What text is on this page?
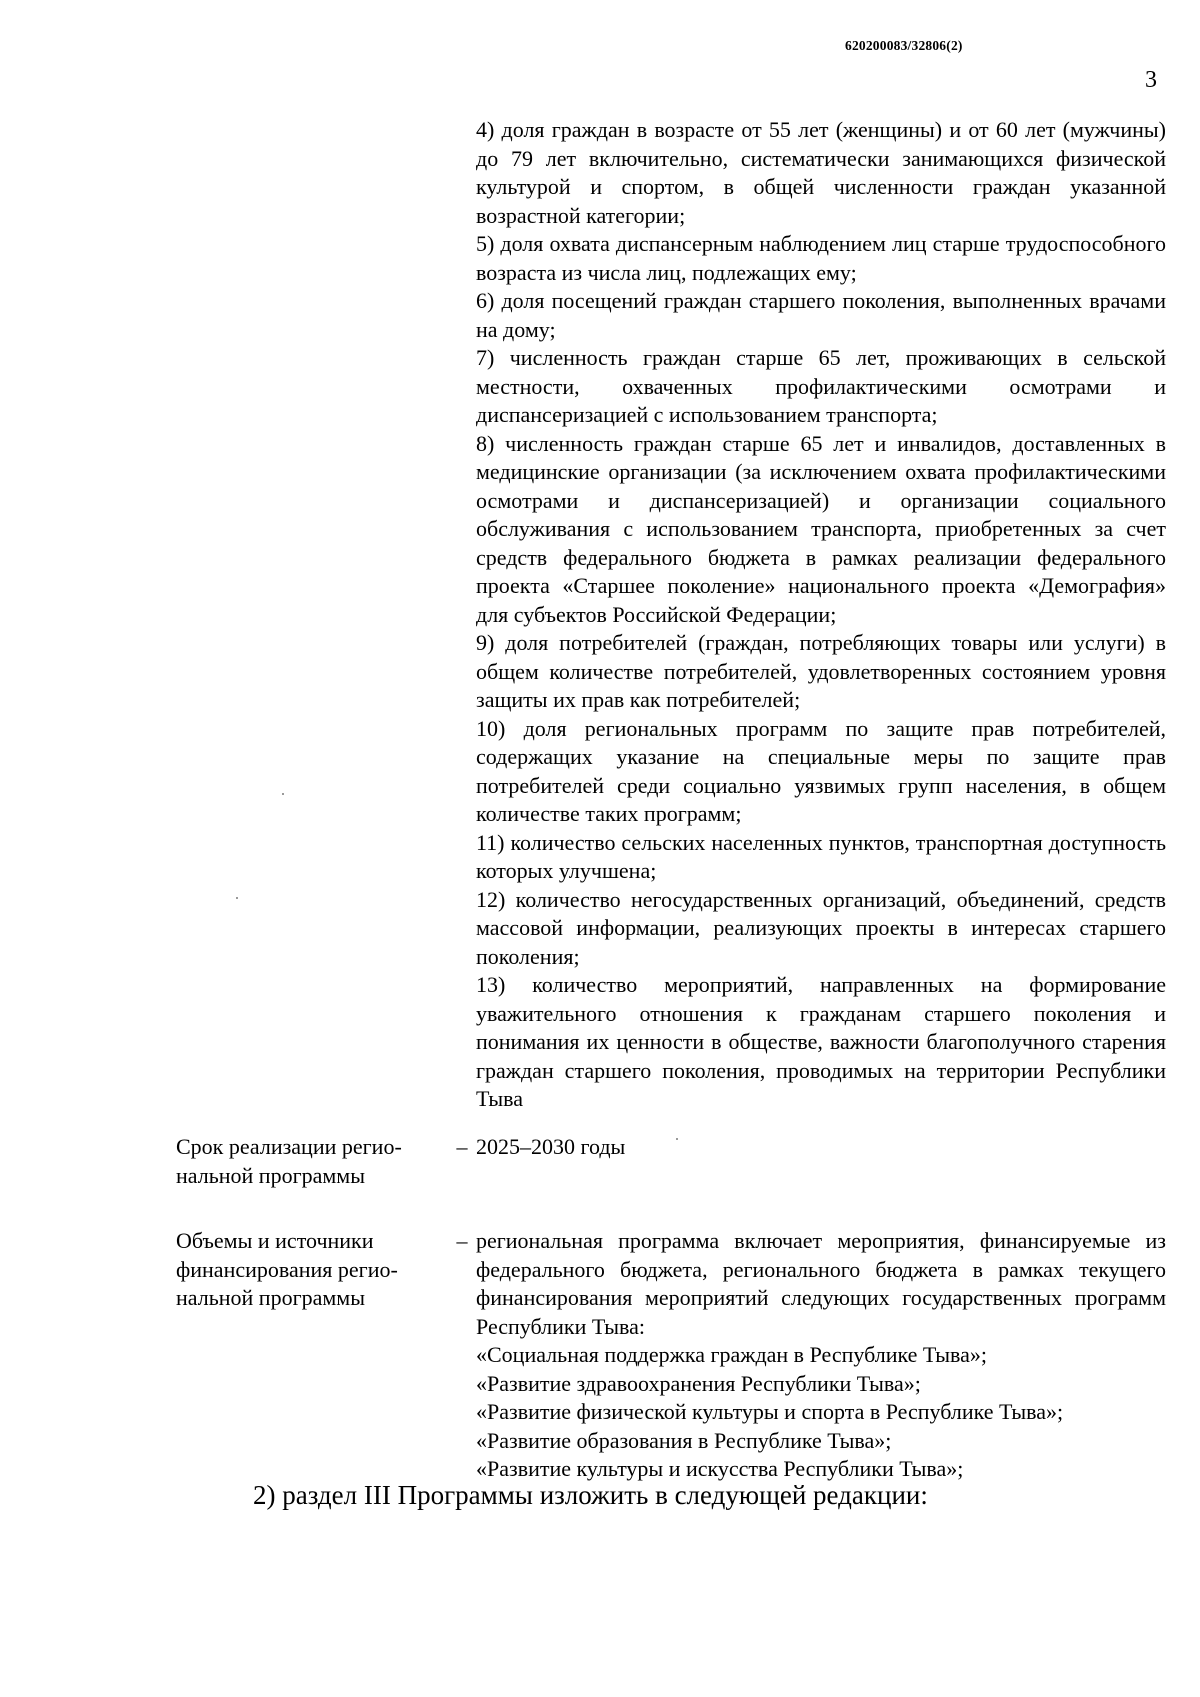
620200083/32806(2)
3

4) доля граждан в возрасте от 55 лет (женщины) и от 60 лет (мужчины) до 79 лет включительно, систематически занимающихся физической культурой и спортом, в общей численности граждан указанной возрастной категории;

5) доля охвата диспансерным наблюдением лиц старше трудоспособного возраста из числа лиц, подлежащих ему;

6) доля посещений граждан старшего поколения, выполненных врачами на дому;

7) численность граждан старше 65 лет, проживающих в сельской местности, охваченных профилактическими осмотрами и диспансеризацией с использованием транспорта;

8) численность граждан старше 65 лет и инвалидов, доставленных в медицинские организации (за исключением охвата профилактическими осмотрами и диспансеризацией) и организации социального обслуживания с использованием транспорта, приобретенных за счет средств федерального бюджета в рамках реализации федерального проекта «Старшее поколение» национального проекта «Демография» для субъектов Российской Федерации;

9) доля потребителей (граждан, потребляющих товары или услуги) в общем количестве потребителей, удовлетворенных состоянием уровня защиты их прав как потребителей;

10) доля региональных программ по защите прав потребителей, содержащих указание на специальные меры по защите прав потребителей среди социально уязвимых групп населения, в общем количестве таких программ;

11) количество сельских населенных пунктов, транспортная доступность которых улучшена;

12) количество негосударственных организаций, объединений, средств массовой информации, реализующих проекты в интересах старшего поколения;

13) количество мероприятий, направленных на формирование уважительного отношения к гражданам старшего поколения и понимания их ценности в обществе, важности благополучного старения граждан старшего поколения, проводимых на территории Республики Тыва

Срок реализации регио-
нальной программы
– 2025–2030 годы
Объемы и источники
финансирования регио-
нальной программы
– региональная программа включает мероприятия, финансируемые из федерального бюджета, регионального бюджета в рамках текущего финансирования мероприятий следующих государственных программ Республики Тыва:
«Социальная поддержка граждан в Республике Тыва»;
«Развитие здравоохранения Республики Тыва»;
«Развитие физической культуры и спорта в Республике Тыва»;
«Развитие образования в Республике Тыва»;
«Развитие культуры и искусства Республики Тыва»;
2) раздел III Программы изложить в следующей редакции:
